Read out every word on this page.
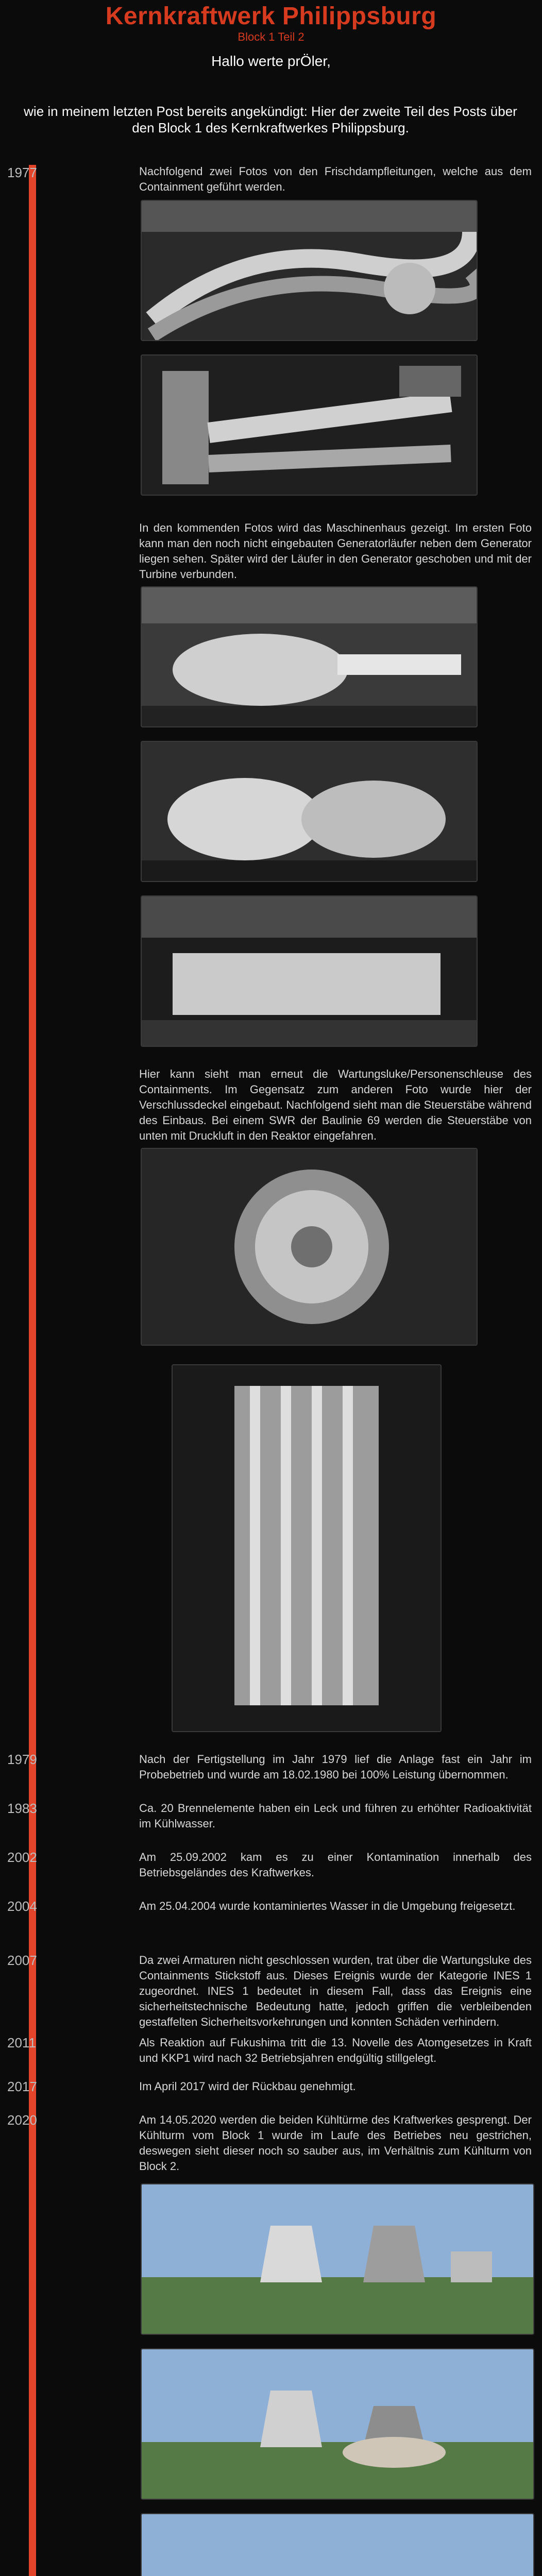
Kernkraftwerk Philippsburg
Block 1 Teil 2
Hallo werte prÖler,
wie in meinem letzten Post bereits angekündigt: Hier der zweite Teil des Posts über den Block 1 des Kernkraftwerkes Philippsburg.
1977	Nachfolgend zwei Fotos von den Frischdampfleitungen, welche aus dem Containment geführt werden.
In den kommenden Fotos wird das Maschinenhaus gezeigt. Im ersten Foto kann man den noch nicht eingebauten Generatorläufer neben dem Generator liegen sehen. Später wird der Läufer in den Generator geschoben und mit der Turbine verbunden.
Hier kann sieht man erneut die Wartungsluke/Personenschleuse des Containments. Im Gegensatz zum anderen Foto wurde hier der Verschlussdeckel eingebaut. Nachfolgend sieht man die Steuerstäbe während des Einbaus. Bei einem SWR der Baulinie 69 werden die Steuerstäbe von unten mit Druckluft in den Reaktor eingefahren.
1979	Nach der Fertigstellung im Jahr 1979 lief die Anlage fast ein Jahr im Probebetrieb und wurde am 18.02.1980 bei 100% Leistung übernommen.
1983	Ca. 20 Brennelemente haben ein Leck und führen zu erhöhter Radioaktivität im Kühlwasser.
2002	Am 25.09.2002 kam es zu einer Kontamination innerhalb des Betriebsgeländes des Kraftwerkes.
2004	Am 25.04.2004 wurde kontaminiertes Wasser in die Umgebung freigesetzt.
2007	Da zwei Armaturen nicht geschlossen wurden, trat über die Wartungsluke des Containments Stickstoff aus. Dieses Ereignis wurde der Kategorie INES 1 zugeordnet. INES 1 bedeutet in diesem Fall, dass das Ereignis eine sicherheitstechnische Bedeutung hatte, jedoch griffen die verbleibenden gestaffelten Sicherheitsvorkehrungen und konnten Schäden verhindern.
2011	Als Reaktion auf Fukushima tritt die 13. Novelle des Atomgesetzes in Kraft und KKP1 wird nach 32 Betriebsjahren endgültig stillgelegt.
2017	Im April 2017 wird der Rückbau genehmigt.
2020	Am 14.05.2020 werden die beiden Kühltürme des Kraftwerkes gesprengt. Der Kühlturm vom Block 1 wurde im Laufe des Betriebes neu gestrichen, deswegen sieht dieser noch so sauber aus, im Verhältnis zum Kühlturm von Block 2.
